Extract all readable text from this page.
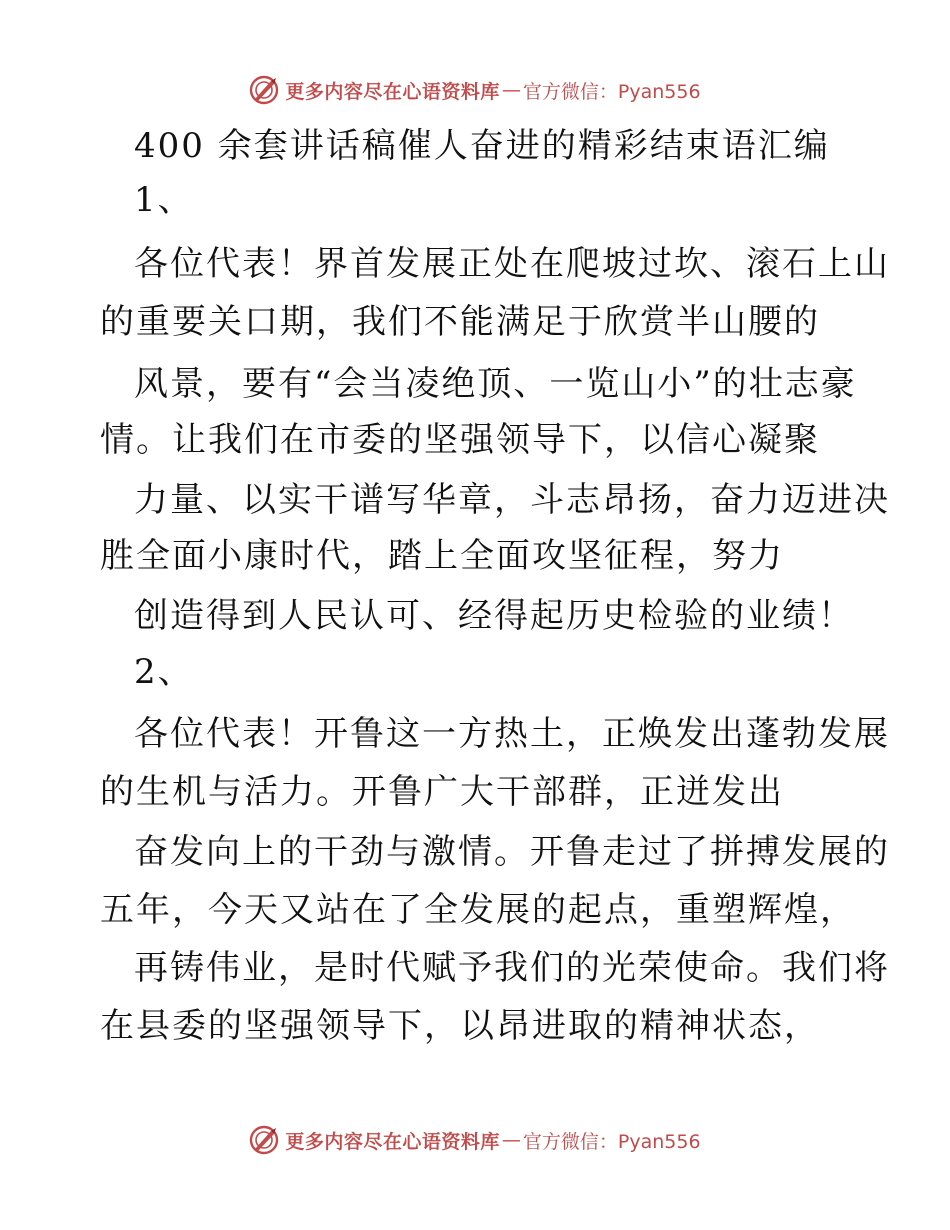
更多内容尽在心语资料库 — 官方微信：Pyan556
400 余套讲话稿催人奋进的精彩结束语汇编
1、
各位代表！界首发展正处在爬坡过坎、滚石上山
的重要关口期，我们不能满足于欣赏半山腰的
风景，要有“会当凌绝顶、一览山小”的壮志豪
情。让我们在市委的坚强领导下，以信心凝聚
力量、以实干谱写华章，斗志昂扬，奋力迈进决
胜全面小康时代，踏上全面攻坚征程，努力
创造得到人民认可、经得起历史检验的业绩！
2、
各位代表！开鲁这一方热土，正焕发出蓬勃发展
的生机与活力。开鲁广大干部群，正迸发出
奋发向上的干劲与激情。开鲁走过了拼搏发展的
五年，今天又站在了全发展的起点，重塑辉煌，
再铸伟业，是时代赋予我们的光荣使命。我们将
在县委的坚强领导下，以昂进取的精神状态，
更多内容尽在心语资料库 — 官方微信：Pyan556
